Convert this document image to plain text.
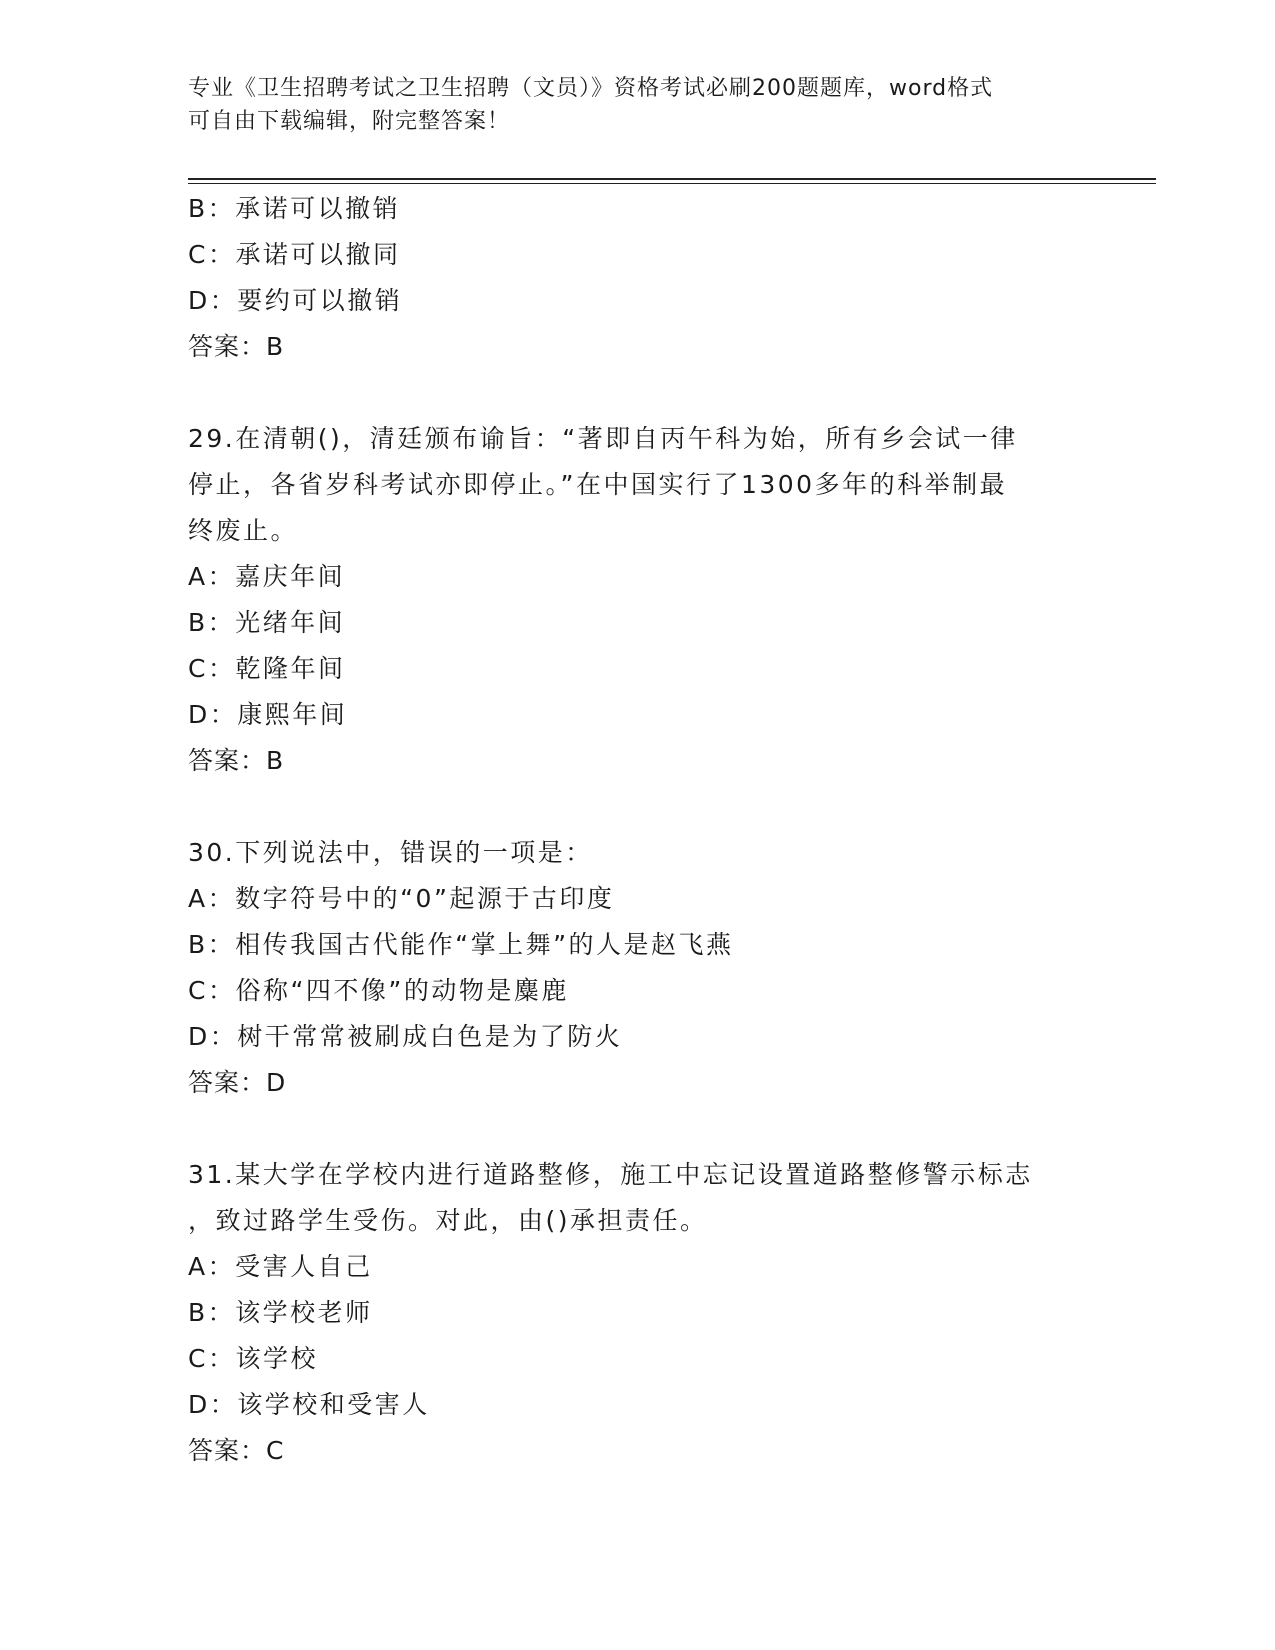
专业《卫生招聘考试之卫生招聘（文员）》资格考试必刷200题题库，word格式
可自由下载编辑，附完整答案！
B：承诺可以撤销
C：承诺可以撤同
D：要约可以撤销
答案：B
29.在清朝()，清廷颁布谕旨：“著即自丙午科为始，所有乡会试一律
停止，各省岁科考试亦即停止。”在中国实行了1300多年的科举制最
终废止。
A：嘉庆年间
B：光绪年间
C：乾隆年间
D：康熙年间
答案：B
30.下列说法中，错误的一项是：
A：数字符号中的“0”起源于古印度
B：相传我国古代能作“掌上舞”的人是赵飞燕
C：俗称“四不像”的动物是麋鹿
D：树干常常被刷成白色是为了防火
答案：D
31.某大学在学校内进行道路整修，施工中忘记设置道路整修警示标志
，致过路学生受伤。对此，由()承担责任。
A：受害人自己
B：该学校老师
C：该学校
D：该学校和受害人
答案：C
